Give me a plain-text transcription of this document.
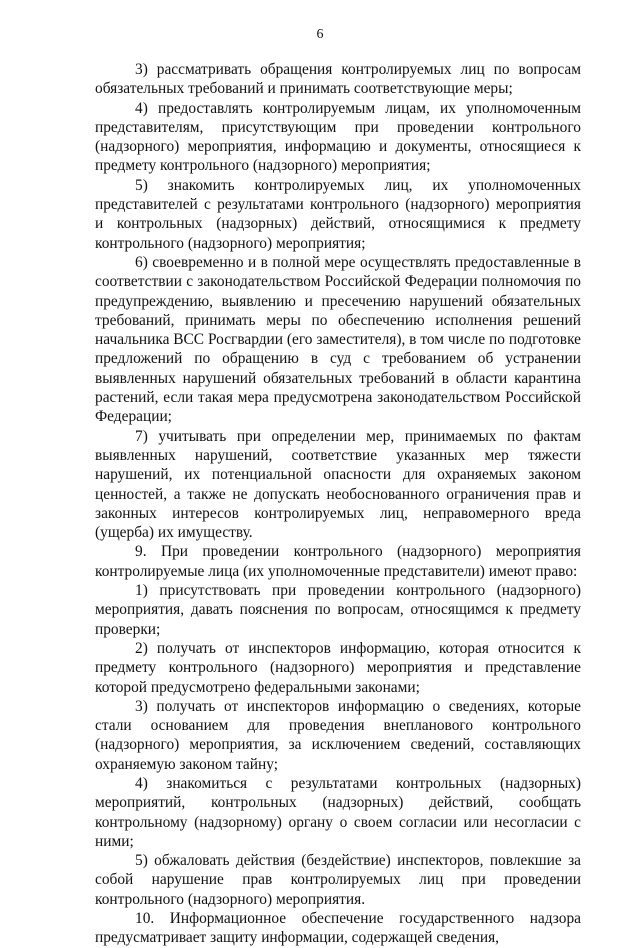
6

3) рассматривать обращения контролируемых лиц по вопросам обязательных требований и принимать соответствующие меры;

4) предоставлять контролируемым лицам, их уполномоченным представителям, присутствующим при проведении контрольного (надзорного) мероприятия, информацию и документы, относящиеся к предмету контрольного (надзорного) мероприятия;

5) знакомить контролируемых лиц, их уполномоченных представителей с результатами контрольного (надзорного) мероприятия и контрольных (надзорных) действий, относящимися к предмету контрольного (надзорного) мероприятия;

6) своевременно и в полной мере осуществлять предоставленные в соответствии с законодательством Российской Федерации полномочия по предупреждению, выявлению и пресечению нарушений обязательных требований, принимать меры по обеспечению исполнения решений начальника ВСС Росгвардии (его заместителя), в том числе по подготовке предложений по обращению в суд с требованием об устранении выявленных нарушений обязательных требований в области карантина растений, если такая мера предусмотрена законодательством Российской Федерации;

7) учитывать при определении мер, принимаемых по фактам выявленных нарушений, соответствие указанных мер тяжести нарушений, их потенциальной опасности для охраняемых законом ценностей, а также не допускать необоснованного ограничения прав и законных интересов контролируемых лиц, неправомерного вреда (ущерба) их имуществу.

9. При проведении контрольного (надзорного) мероприятия контролируемые лица (их уполномоченные представители) имеют право:

1) присутствовать при проведении контрольного (надзорного) мероприятия, давать пояснения по вопросам, относящимся к предмету проверки;

2) получать от инспекторов информацию, которая относится к предмету контрольного (надзорного) мероприятия и представление которой предусмотрено федеральными законами;

3) получать от инспекторов информацию о сведениях, которые стали основанием для проведения внепланового контрольного (надзорного) мероприятия, за исключением сведений, составляющих охраняемую законом тайну;

4) знакомиться с результатами контрольных (надзорных) мероприятий, контрольных (надзорных) действий, сообщать контрольному (надзорному) органу о своем согласии или несогласии с ними;

5) обжаловать действия (бездействие) инспекторов, повлекшие за собой нарушение прав контролируемых лиц при проведении контрольного (надзорного) мероприятия.

10. Информационное обеспечение государственного надзора предусматривает защиту информации, содержащей сведения,
